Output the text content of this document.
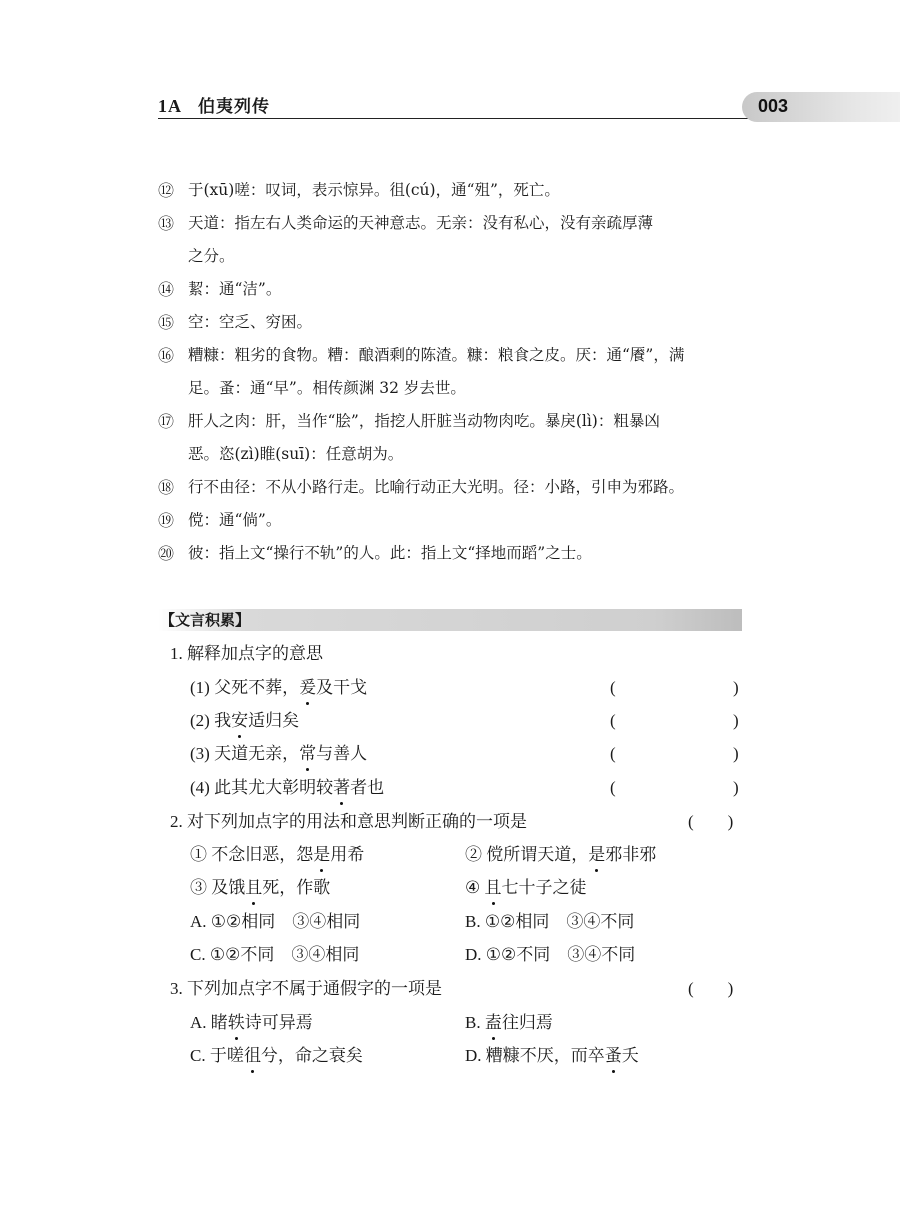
1A 伯夷列传	003

⑫ 于(xū)嗟：叹词，表示惊异。徂(cú)，通“殂”，死亡。

⑬ 天道：指左右人类命运的天神意志。无亲：没有私心，没有亲疏厚薄
之分。

⑭ 絜：通“洁”。

⑮ 空：空乏、穷困。

⑯ 糟糠：粗劣的食物。糟：酿酒剩的陈渣。糠：粮食之皮。厌：通“餍”，满
足。蚤：通“早”。相传颜渊 32 岁去世。

⑰ 肝人之肉：肝，当作“脍”，指挖人肝脏当动物肉吃。暴戾(lì)：粗暴凶
恶。恣(zì)睢(suī)：任意胡为。

⑱ 行不由径：不从小路行走。比喻行动正大光明。径：小路，引申为邪路。

⑲ 傥：通“倘”。

⑳ 彼：指上文“操行不轨”的人。此：指上文“择地而蹈”之士。

【文言积累】
1. 解释加点字的意思
(1) 父死不葬，爰及干戈	(	)
(2) 我安适归矣	(	)
(3) 天道无亲，常与善人	(	)
(4) 此其尤大彰明较著者也	(	)
2. 对下列加点字的用法和意思判断正确的一项是	(　　)
① 不念旧恶，怨是用希	② 傥所谓天道，是邪非邪
③ 及饿且死，作歌	④ 且七十子之徒
A. ①②相同　③④相同	B. ①②相同　③④不同
C. ①②不同　③④相同	D. ①②不同　③④不同
3. 下列加点字不属于通假字的一项是	(　　)
A. 睹轶诗可异焉	B. 盍往归焉
C. 于嗟徂兮，命之衰矣	D. 糟糠不厌，而卒蚤夭
